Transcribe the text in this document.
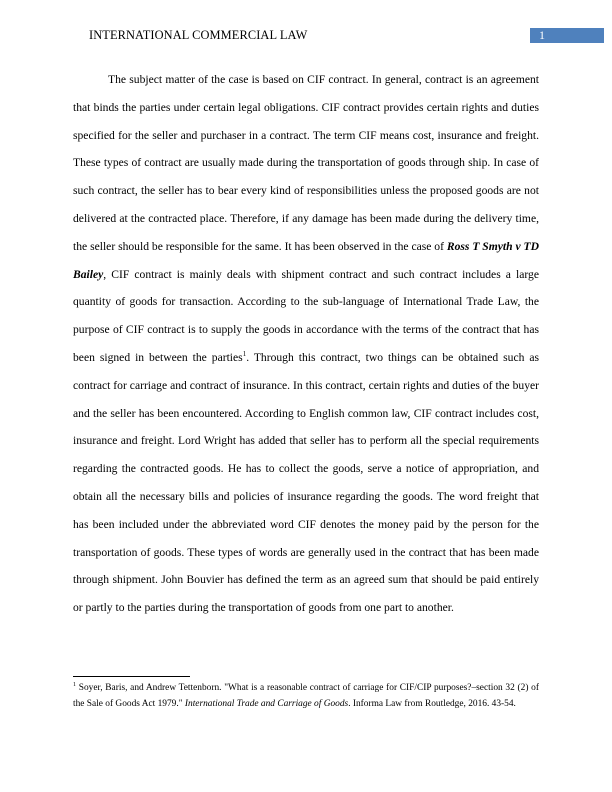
INTERNATIONAL COMMERCIAL LAW	1

The subject matter of the case is based on CIF contract. In general, contract is an agreement that binds the parties under certain legal obligations. CIF contract provides certain rights and duties specified for the seller and purchaser in a contract. The term CIF means cost, insurance and freight. These types of contract are usually made during the transportation of goods through ship. In case of such contract, the seller has to bear every kind of responsibilities unless the proposed goods are not delivered at the contracted place. Therefore, if any damage has been made during the delivery time, the seller should be responsible for the same. It has been observed in the case of Ross T Smyth v TD Bailey, CIF contract is mainly deals with shipment contract and such contract includes a large quantity of goods for transaction. According to the sub-language of International Trade Law, the purpose of CIF contract is to supply the goods in accordance with the terms of the contract that has been signed in between the parties$^1$. Through this contract, two things can be obtained such as contract for carriage and contract of insurance. In this contract, certain rights and duties of the buyer and the seller has been encountered. According to English common law, CIF contract includes cost, insurance and freight. Lord Wright has added that seller has to perform all the special requirements regarding the contracted goods. He has to collect the goods, serve a notice of appropriation, and obtain all the necessary bills and policies of insurance regarding the goods. The word freight that has been included under the abbreviated word CIF denotes the money paid by the person for the transportation of goods. These types of words are generally used in the contract that has been made through shipment. John Bouvier has defined the term as an agreed sum that should be paid entirely or partly to the parties during the transportation of goods from one part to another.

$^1$ Soyer, Baris, and Andrew Tettenborn. "What is a reasonable contract of carriage for CIF/CIP purposes?–section 32 (2) of the Sale of Goods Act 1979." International Trade and Carriage of Goods. Informa Law from Routledge, 2016. 43-54.
